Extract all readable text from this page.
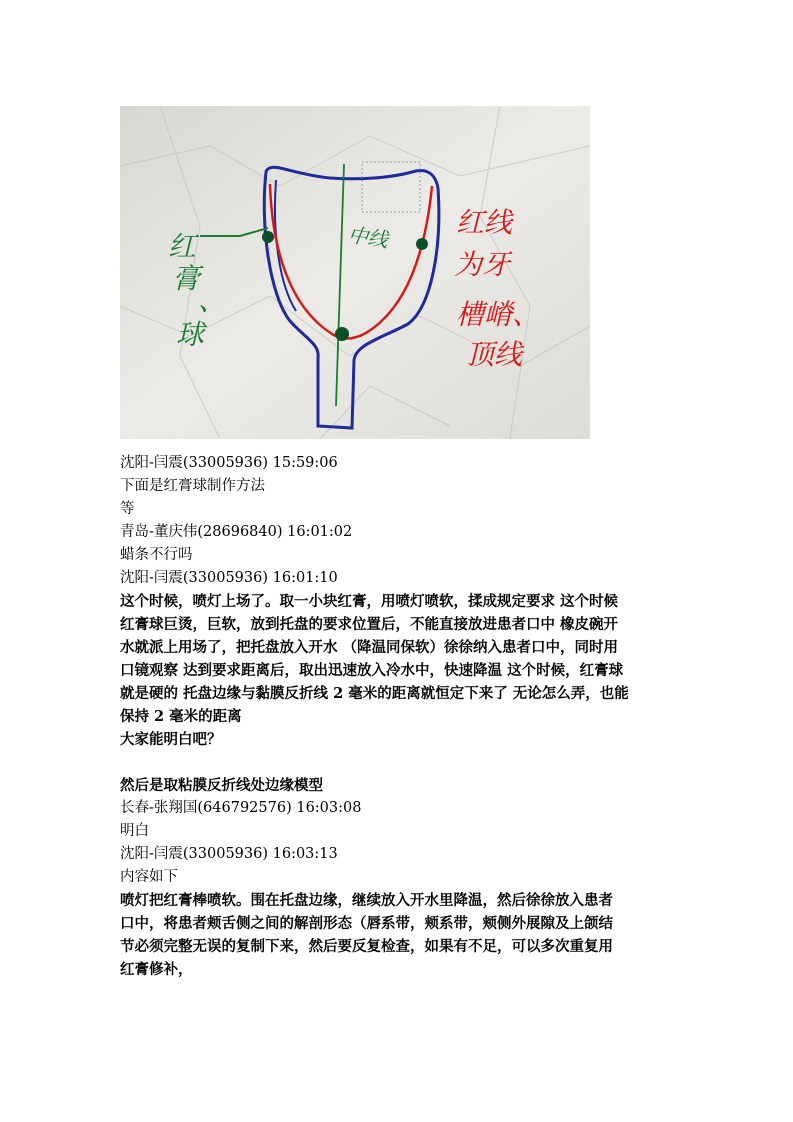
红
膏
、
球
中线 红线
为牙
槽嵴、
顶线
沈阳-闫震(33005936) 15:59:06
下面是红膏球制作方法
等
青岛-董庆伟(28696840) 16:01:02
蜡条不行吗
沈阳-闫震(33005936) 16:01:10
这个时候，喷灯上场了。取一小块红膏，用喷灯喷软，揉成规定要求 这个时候
红膏球巨烫，巨软，放到托盘的要求位置后，不能直接放进患者口中 橡皮碗开
水就派上用场了，把托盘放入开水 （降温同保软）徐徐纳入患者口中，同时用
口镜观察 达到要求距离后，取出迅速放入冷水中，快速降温 这个时候，红膏球
就是硬的 托盘边缘与黏膜反折线 2 毫米的距离就恒定下来了 无论怎么弄，也能
保持 2 毫米的距离
大家能明白吧？
然后是取粘膜反折线处边缘模型
长春-张翔国(646792576) 16:03:08
明白
沈阳-闫震(33005936) 16:03:13
内容如下
喷灯把红膏棒喷软。围在托盘边缘，继续放入开水里降温，然后徐徐放入患者
口中，将患者颊舌侧之间的解剖形态（唇系带，颊系带，颊侧外展隙及上颌结
节必须完整无误的复制下来，然后要反复检查，如果有不足，可以多次重复用
红膏修补，
